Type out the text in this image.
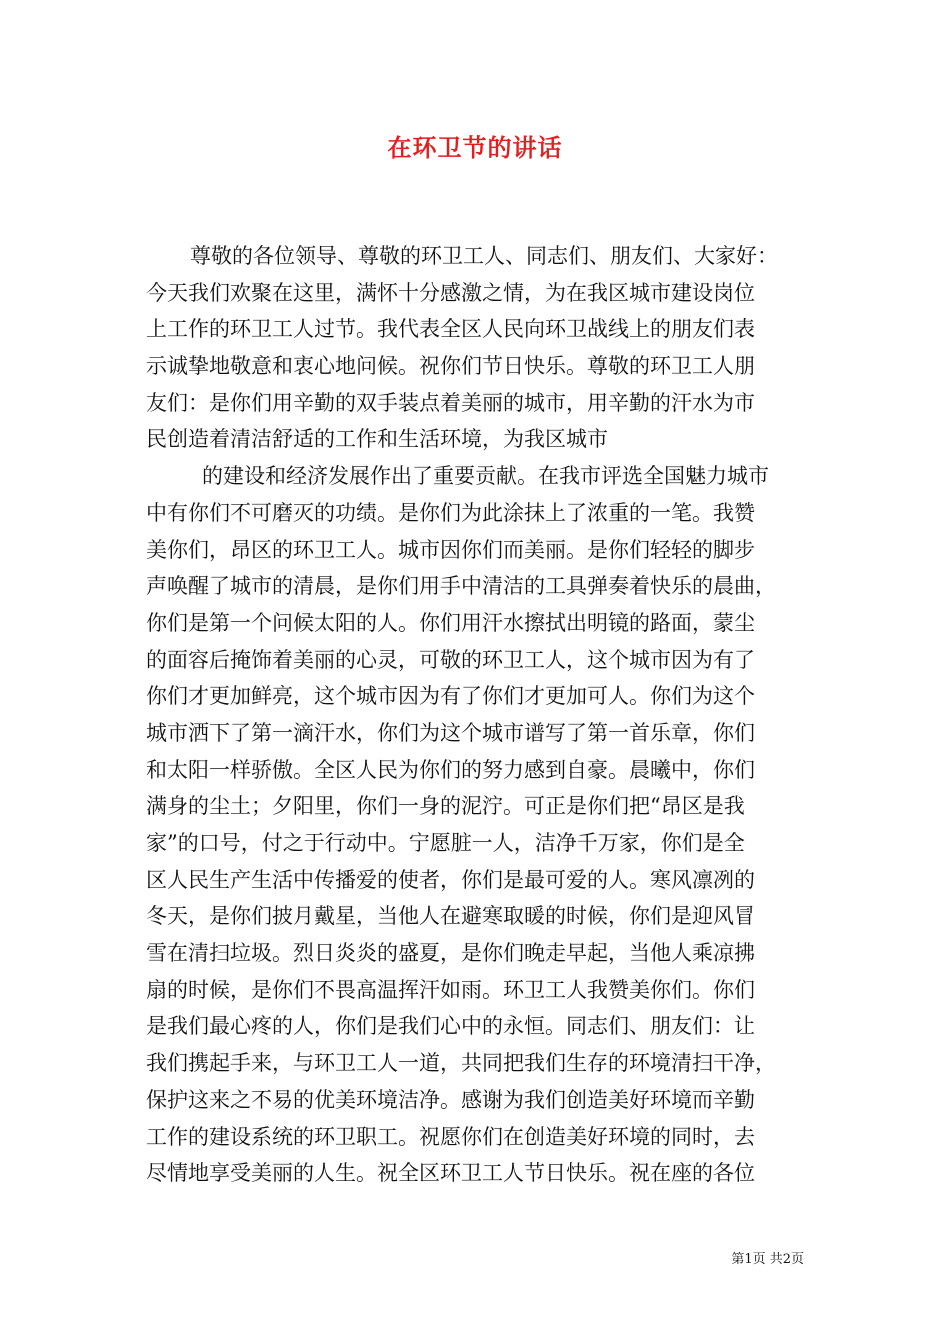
在环卫节的讲话
尊敬的各位领导、尊敬的环卫工人、同志们、朋友们、大家好：
今天我们欢聚在这里，满怀十分感激之情，为在我区城市建设岗位
上工作的环卫工人过节。我代表全区人民向环卫战线上的朋友们表
示诚挚地敬意和衷心地问候。祝你们节日快乐。尊敬的环卫工人朋
友们：是你们用辛勤的双手装点着美丽的城市，用辛勤的汗水为市
民创造着清洁舒适的工作和生活环境，为我区城市
的建设和经济发展作出了重要贡献。在我市评选全国魅力城市
中有你们不可磨灭的功绩。是你们为此涂抹上了浓重的一笔。我赞
美你们，昂区的环卫工人。城市因你们而美丽。是你们轻轻的脚步
声唤醒了城市的清晨，是你们用手中清洁的工具弹奏着快乐的晨曲，
你们是第一个问候太阳的人。你们用汗水擦拭出明镜的路面，蒙尘
的面容后掩饰着美丽的心灵，可敬的环卫工人，这个城市因为有了
你们才更加鲜亮，这个城市因为有了你们才更加可人。你们为这个
城市洒下了第一滴汗水，你们为这个城市谱写了第一首乐章，你们
和太阳一样骄傲。全区人民为你们的努力感到自豪。晨曦中，你们
满身的尘土；夕阳里，你们一身的泥泞。可正是你们把“昂区是我
家”的口号，付之于行动中。宁愿脏一人，洁净千万家，你们是全
区人民生产生活中传播爱的使者，你们是最可爱的人。寒风凛冽的
冬天，是你们披月戴星，当他人在避寒取暖的时候，你们是迎风冒
雪在清扫垃圾。烈日炎炎的盛夏，是你们晚走早起，当他人乘凉拂
扇的时候，是你们不畏高温挥汗如雨。环卫工人我赞美你们。你们
是我们最心疼的人，你们是我们心中的永恒。同志们、朋友们：让
我们携起手来，与环卫工人一道，共同把我们生存的环境清扫干净，
保护这来之不易的优美环境洁净。感谢为我们创造美好环境而辛勤
工作的建设系统的环卫职工。祝愿你们在创造美好环境的同时，去
尽情地享受美丽的人生。祝全区环卫工人节日快乐。祝在座的各位
第1页 共2页
